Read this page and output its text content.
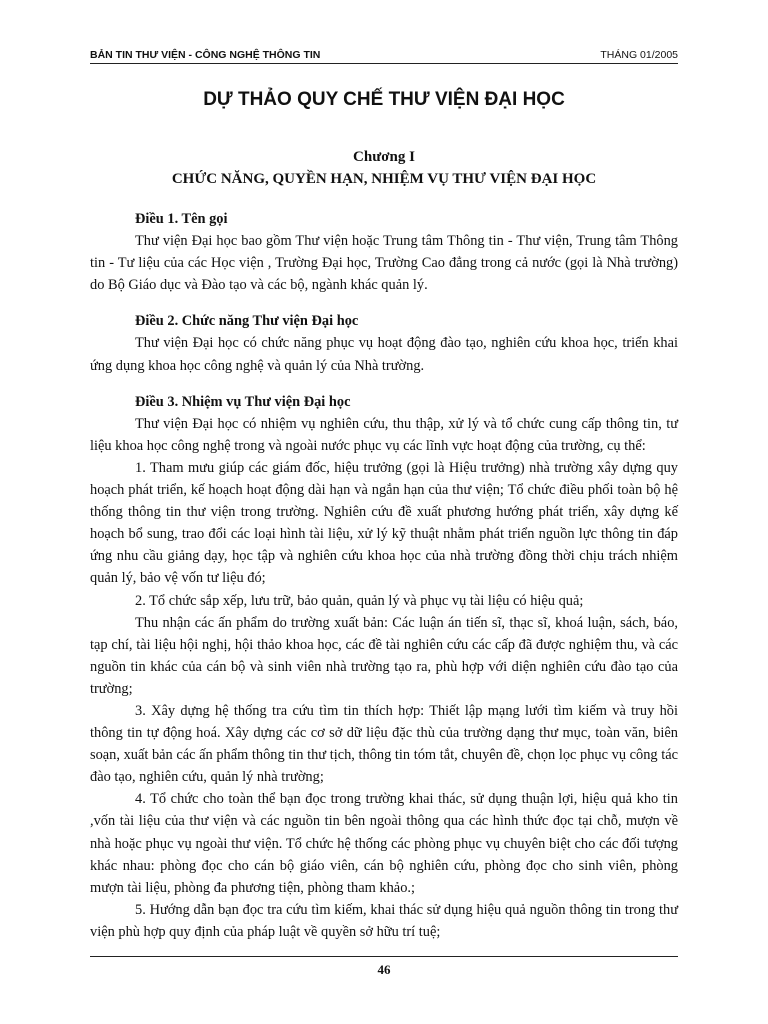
BẢN TIN THƯ VIỆN - CÔNG NGHỆ THÔNG TIN	THÁNG 01/2005
DỰ THẢO QUY CHẾ THƯ VIỆN ĐẠI HỌC

Chương I

CHỨC NĂNG, QUYỀN HẠN, NHIỆM VỤ THƯ VIỆN ĐẠI HỌC

Điều 1. Tên gọi

Thư viện Đại học bao gồm Thư viện hoặc Trung tâm Thông tin - Thư viện, Trung tâm Thông tin - Tư liệu của các Học viện , Trường Đại học, Trường Cao đẳng trong cả nước (gọi là Nhà trường) do Bộ Giáo dục và Đào tạo và các bộ, ngành khác quản lý.

Điều 2. Chức năng Thư viện Đại học

Thư viện Đại học có chức năng phục vụ hoạt động đào tạo, nghiên cứu khoa học, triển khai ứng dụng khoa học công nghệ và quản lý của Nhà trường.

Điều 3. Nhiệm vụ Thư viện Đại học

Thư viện Đại học có nhiệm vụ nghiên cứu, thu thập, xử lý và tổ chức cung cấp thông tin, tư liệu khoa học công nghệ trong và ngoài nước phục vụ các lĩnh vực hoạt động của trường, cụ thể:

1. Tham mưu giúp các giám đốc, hiệu trưởng (gọi là Hiệu trưởng) nhà trường xây dựng quy hoạch phát triển, kế hoạch hoạt động dài hạn và ngắn hạn của thư viện; Tổ chức điều phối toàn bộ hệ thống thông tin thư viện trong trường. Nghiên cứu đề xuất phương hướng phát triển, xây dựng kế hoạch bổ sung, trao đổi các loại hình tài liệu, xử lý kỹ thuật nhằm phát triển nguồn lực thông tin đáp ứng nhu cầu giảng dạy, học tập và nghiên cứu khoa học của nhà trường đồng thời chịu trách nhiệm quản lý, bảo vệ vốn tư liệu đó;

2. Tổ chức sắp xếp, lưu trữ, bảo quản, quản lý và phục vụ tài liệu có hiệu quả;

Thu nhận các ấn phẩm do trường xuất bản: Các luận án tiến sĩ, thạc sĩ, khoá luận, sách, báo, tạp chí, tài liệu hội nghị, hội thảo khoa học, các đề tài nghiên cứu các cấp đã được nghiệm thu, và các nguồn tin khác của cán bộ và sinh viên nhà trường tạo ra, phù hợp với diện nghiên cứu đào tạo của trường;

3. Xây dựng hệ thống tra cứu tìm tin thích hợp: Thiết lập mạng lưới tìm kiếm và truy hồi thông tin tự động hoá. Xây dựng các cơ sở dữ liệu đặc thù của trường dạng thư mục, toàn văn, biên soạn, xuất bản các ấn phẩm thông tin thư tịch, thông tin tóm tắt, chuyên đề, chọn lọc phục vụ công tác đào tạo, nghiên cứu, quản lý nhà trường;

4. Tổ chức cho toàn thể bạn đọc trong trường khai thác, sử dụng thuận lợi, hiệu quả kho tin ,vốn tài liệu của thư viện và các nguồn tin bên ngoài thông qua các hình thức đọc tại chỗ, mượn về nhà hoặc phục vụ ngoài thư viện. Tổ chức hệ thống các phòng phục vụ chuyên biệt cho các đối tượng khác nhau: phòng đọc cho cán bộ giáo viên, cán bộ nghiên cứu, phòng đọc cho sinh viên, phòng mượn tài liệu, phòng đa phương tiện, phòng tham khảo.;

5. Hướng dẫn bạn đọc tra cứu tìm kiếm, khai thác sử dụng hiệu quả nguồn thông tin trong thư viện phù hợp quy định của pháp luật về quyền sở hữu trí tuệ;

46
